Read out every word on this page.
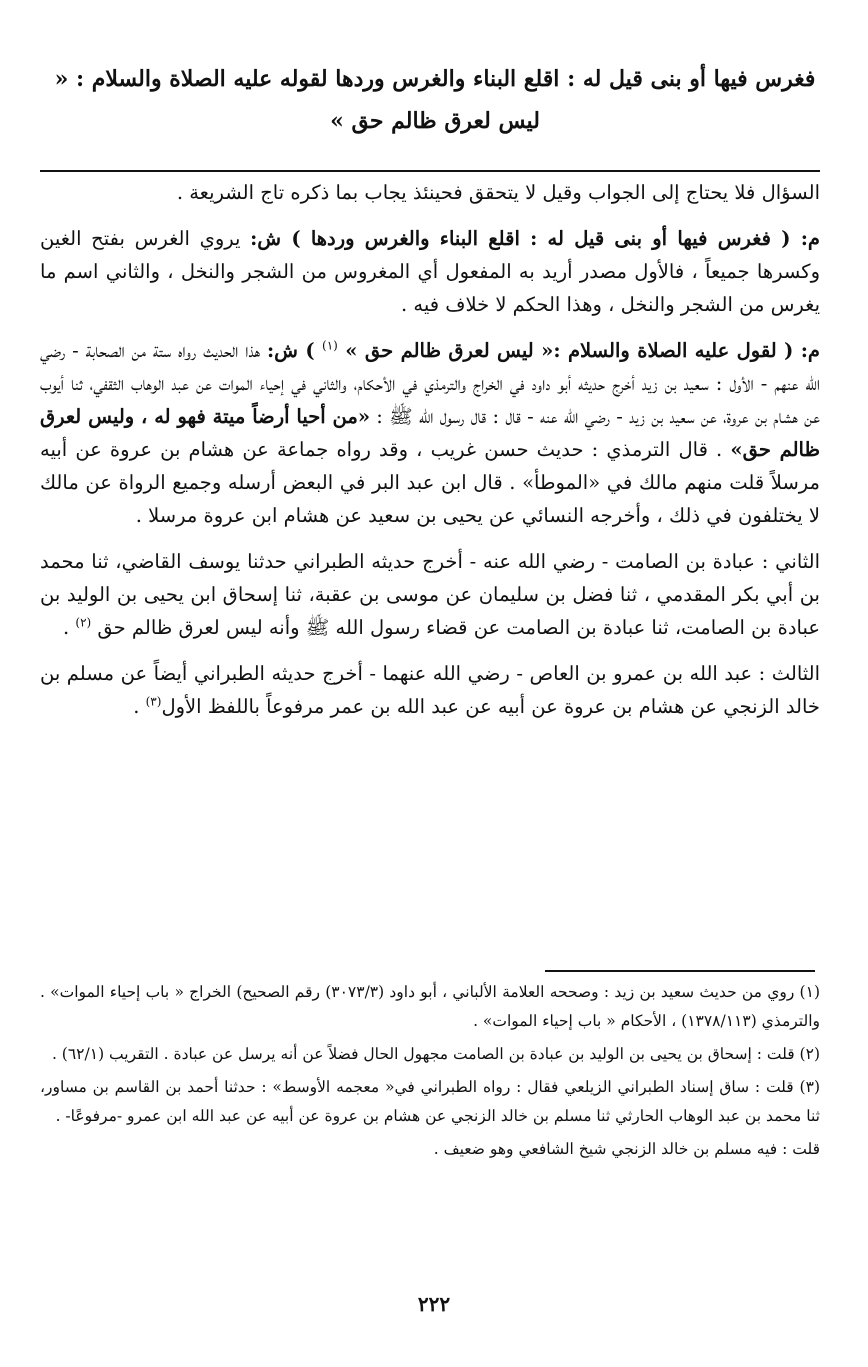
فغرس فيها أو بنى قيل له : اقلع البناء والغرس وردها لقوله عليه الصلاة والسلام : « ليس لعرق ظالم حق »

السؤال فلا يحتاج إلى الجواب وقيل لا يتحقق فحينئذ يجاب بما ذكره تاج الشريعة .

م: ( فغرس فيها أو بنى قيل له : اقلع البناء والغرس وردها ) ش: يروي الغرس بفتح الغين وكسرها جميعاً ، فالأول مصدر أريد به المفعول أي المغروس من الشجر والنخل ، والثاني اسم ما يغرس من الشجر والنخل ، وهذا الحكم لا خلاف فيه .

م: ( لقول عليه الصلاة والسلام :« ليس لعرق ظالم حق » $^{(١)}$ ) ش: هذا الحديث رواه ستة من الصحابة - رضي الله عنهم - الأول : سعيد بن زيد أخرج حديثه أبو داود في الخراج والترمذي في الأحكام، والثاني في إحياء الموات عن عبد الوهاب الثقفي، ثنا أيوب عن هشام بن عروة، عن سعيد بن زيد - رضي الله عنه - قال : قال رسول الله ﷺ : «من أحيا أرضاً ميتة فهو له ، وليس لعرق ظالم حق» . قال الترمذي : حديث حسن غريب ، وقد رواه جماعة عن هشام بن عروة عن أبيه مرسلاً قلت منهم مالك في «الموطأ» . قال ابن عبد البر في البعض أرسله وجميع الرواة عن مالك لا يختلفون في ذلك ، وأخرجه النسائي عن يحيى بن سعيد عن هشام ابن عروة مرسلا .

الثاني : عبادة بن الصامت - رضي الله عنه - أخرج حديثه الطبراني حدثنا يوسف القاضي، ثنا محمد بن أبي بكر المقدمي ، ثنا فضل بن سليمان عن موسى بن عقبة، ثنا إسحاق ابن يحيى بن الوليد بن عبادة بن الصامت، ثنا عبادة بن الصامت عن قضاء رسول الله ﷺ وأنه ليس لعرق ظالم حق $^{(٢)}$ .

الثالث : عبد الله بن عمرو بن العاص - رضي الله عنهما - أخرج حديثه الطبراني أيضاً عن مسلم بن خالد الزنجي عن هشام بن عروة عن أبيه عن عبد الله بن عمر مرفوعاً باللفظ الأول$^{(٣)}$ .

(١) روي من حديث سعيد بن زيد : وصححه العلامة الألباني ، أبو داود (٣٠٧٣/٣) رقم الصحيح) الخراج « باب إحياء الموات» . والترمذي (١٣٧٨/١١٣) ، الأحكام « باب إحياء الموات» .

(٢) قلت : إسحاق بن يحيى بن الوليد بن عبادة بن الصامت مجهول الحال فضلاً عن أنه يرسل عن عبادة . التقريب (٦٢/١) .

(٣) قلت : ساق إسناد الطبراني الزيلعي فقال : رواه الطبراني في« معجمه الأوسط» : حدثنا أحمد بن القاسم بن مساور، ثنا محمد بن عبد الوهاب الحارثي ثنا مسلم بن خالد الزنجي عن هشام بن عروة عن أبيه عن عبد الله ابن عمرو -مرفوعًا- .

قلت : فيه مسلم بن خالد الزنجي شيخ الشافعي وهو ضعيف .

٢٢٢
